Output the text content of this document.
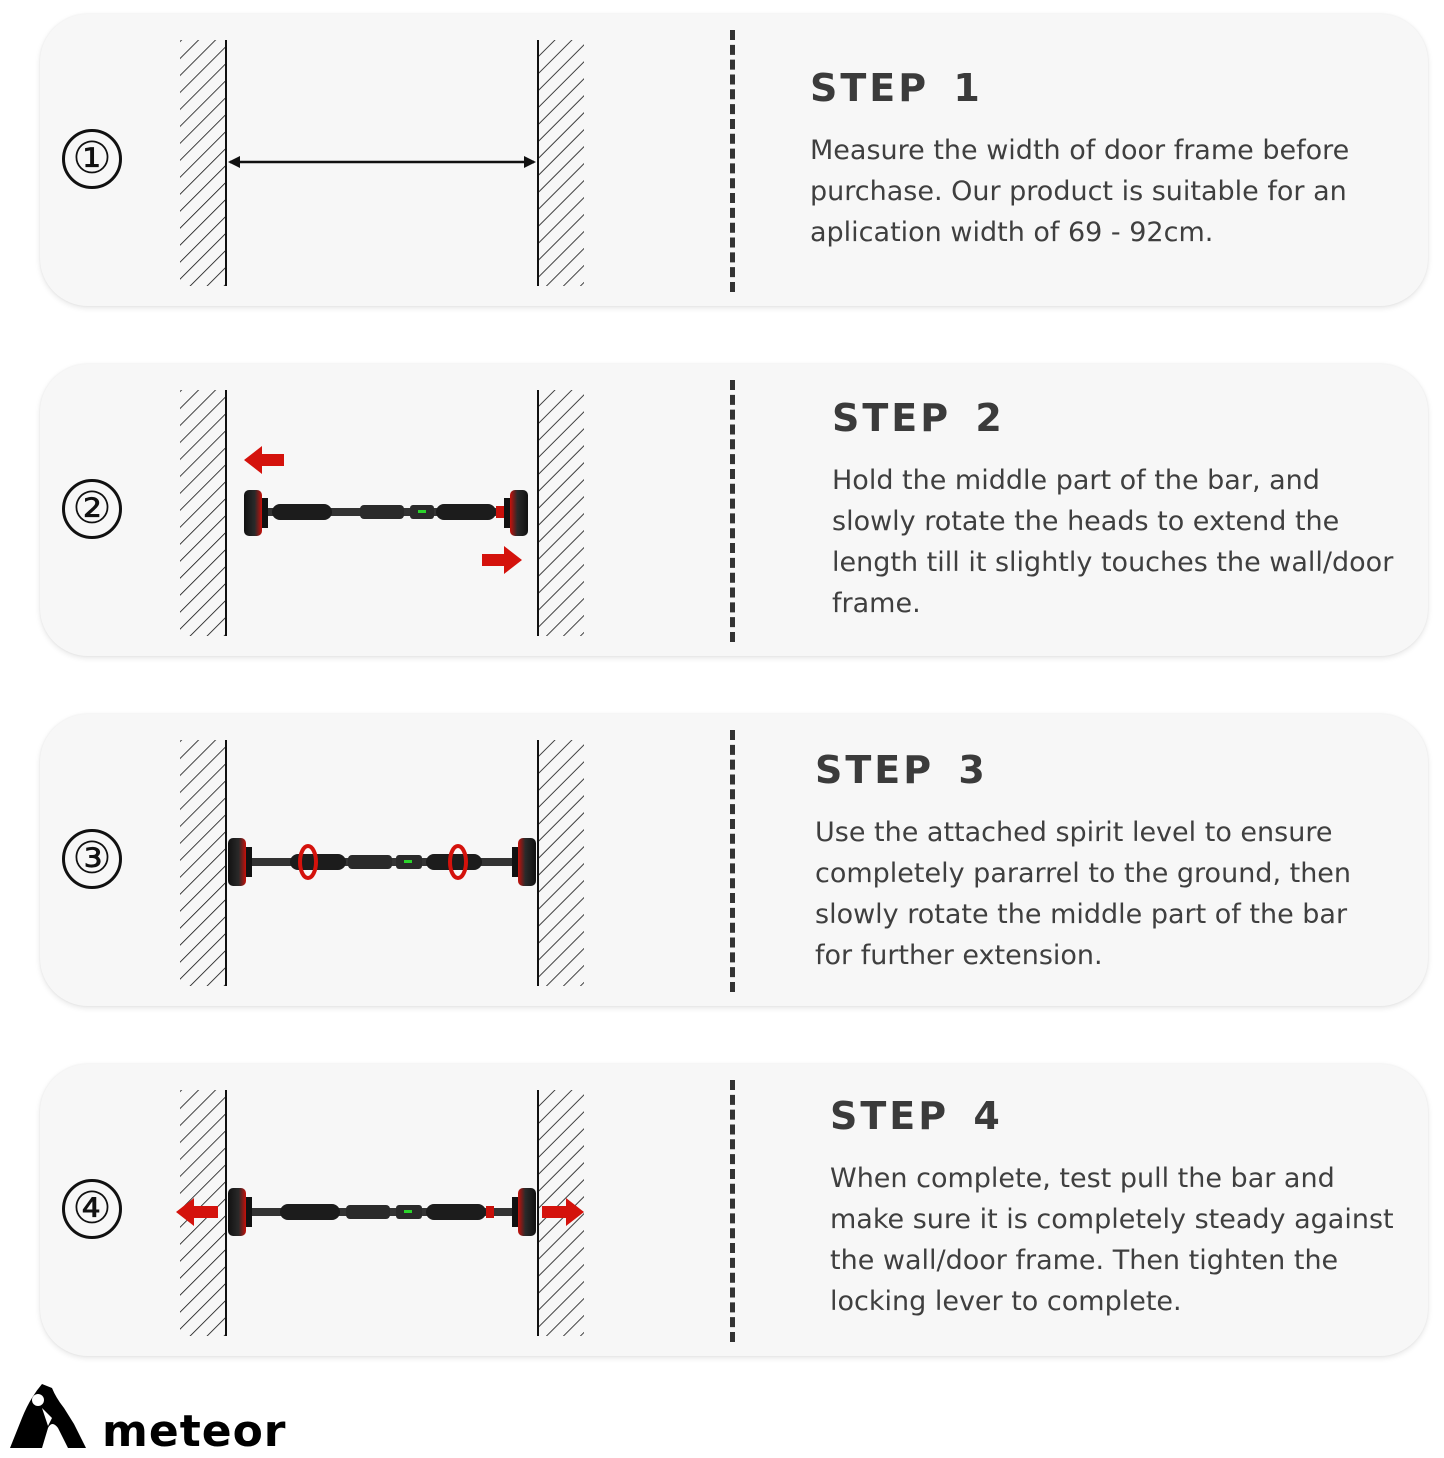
①

STEP 1

Measure the width of door frame before purchase. Our product is suitable for an aplication width of 69 - 92cm.

②

STEP 2

Hold the middle part of the bar, and slowly rotate the heads to extend the length till it slightly touches the wall/door frame.

③

STEP 3

Use the attached spirit level to ensure completely pararrel to the ground, then slowly rotate the middle part of the bar for further extension.

④

STEP 4

When complete, test pull the bar and make sure it is completely steady against the wall/door frame. Then tighten the locking lever to complete.

meteor
